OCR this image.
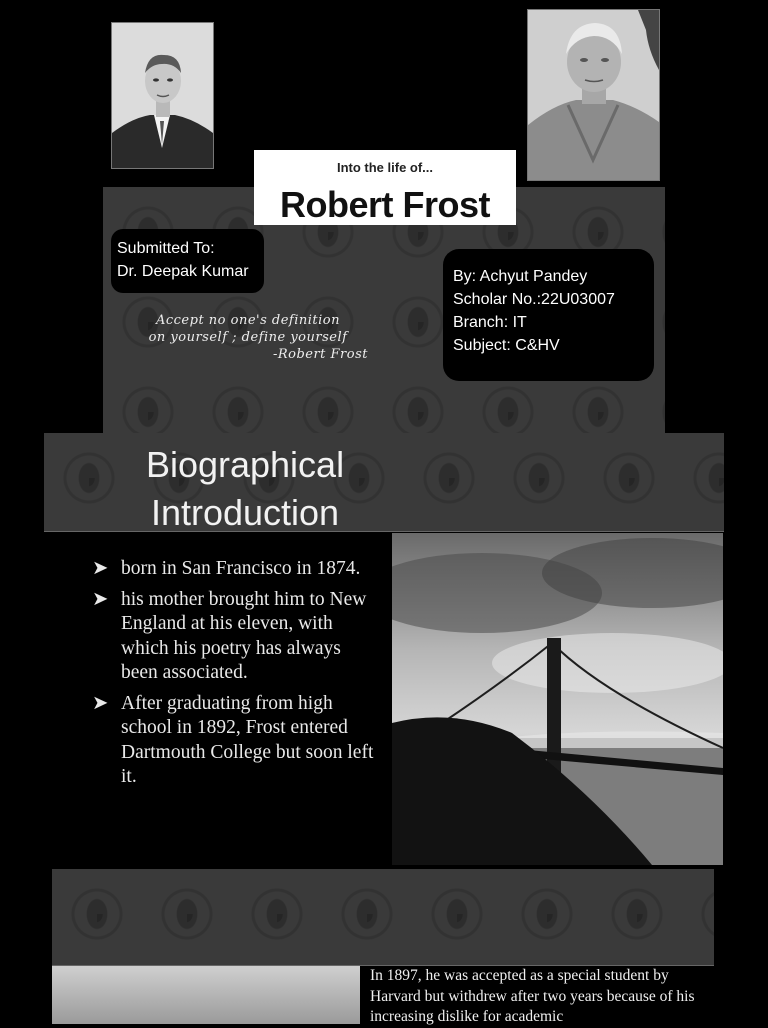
Into the life of...
Robert Frost
Submitted To:
Dr. Deepak Kumar	By: Achyut Pandey
Scholar No.:22U03007
Branch: IT
Subject: C&HV
Accept no one's definition
on yourself ; define yourself
-Robert Frost
Biographical
Introduction
➤ born in San Francisco in 1874.
➤ his mother brought him to New England at his eleven, with which his poetry has always been associated.
➤ After graduating from high school in 1892, Frost entered Dartmouth College but soon left it.
In 1897, he was accepted as a special student by Harvard but withdrew after two years because of his increasing dislike for academic
